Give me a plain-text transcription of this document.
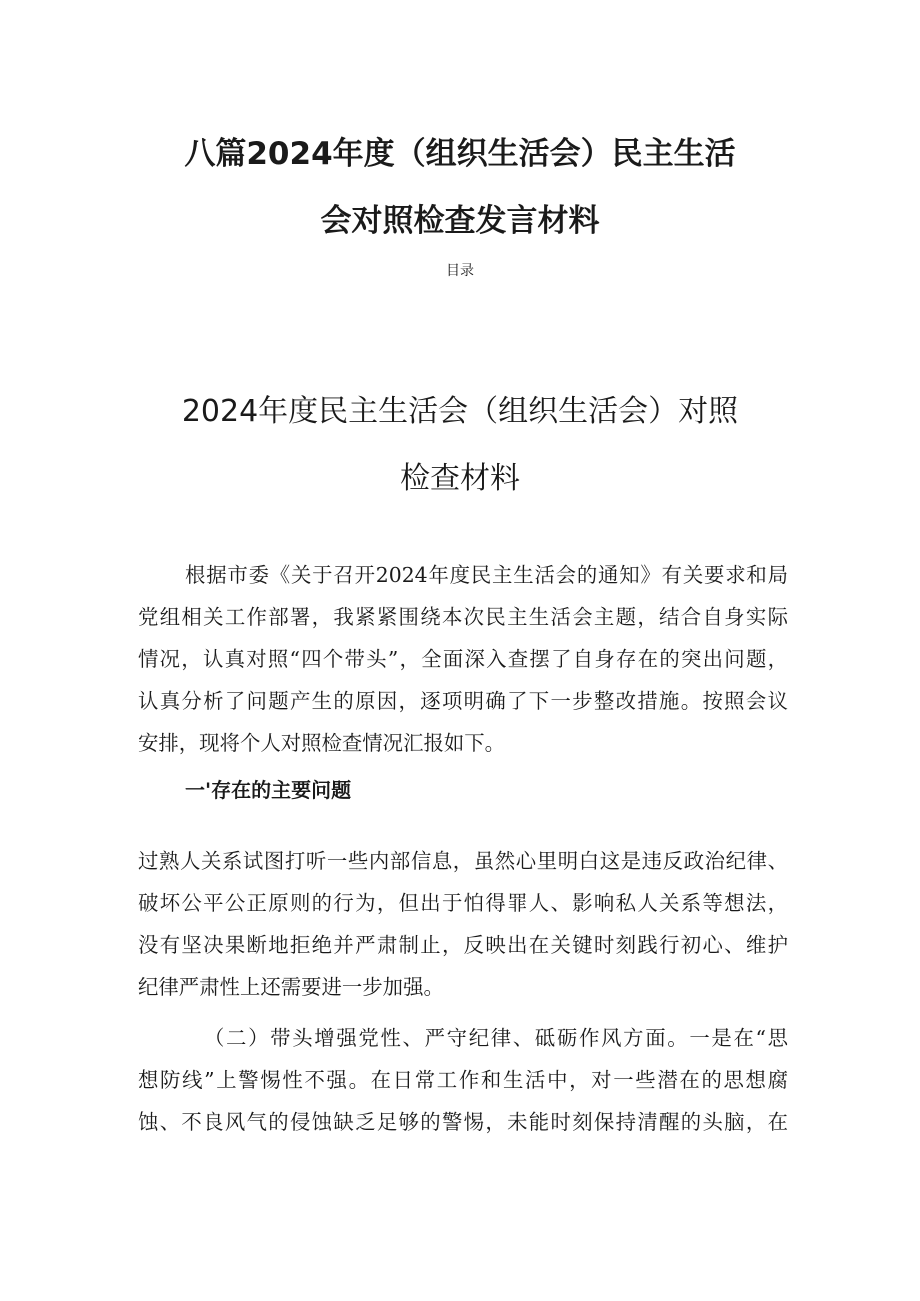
八篇2024年度（组织生活会）民主生活
会对照检查发言材料
目录
2024年度民主生活会（组织生活会）对照
检查材料
根据市委《关于召开2024年度民主生活会的通知》有关要求和局
党组相关工作部署，我紧紧围绕本次民主生活会主题，结合自身实际
情况，认真对照“四个带头”，全面深入查摆了自身存在的突出问题，
认真分析了问题产生的原因，逐项明确了下一步整改措施。按照会议
安排，现将个人对照检查情况汇报如下。
一'存在的主要问题
过熟人关系试图打听一些内部信息，虽然心里明白这是违反政治纪律、
破坏公平公正原则的行为，但出于怕得罪人、影响私人关系等想法，
没有坚决果断地拒绝并严肃制止，反映出在关键时刻践行初心、维护
纪律严肃性上还需要进一步加强。
（二）带头增强党性、严守纪律、砥砺作风方面。一是在“思
想防线”上警惕性不强。在日常工作和生活中，对一些潜在的思想腐
蚀、不良风气的侵蚀缺乏足够的警惕，未能时刻保持清醒的头脑，在
